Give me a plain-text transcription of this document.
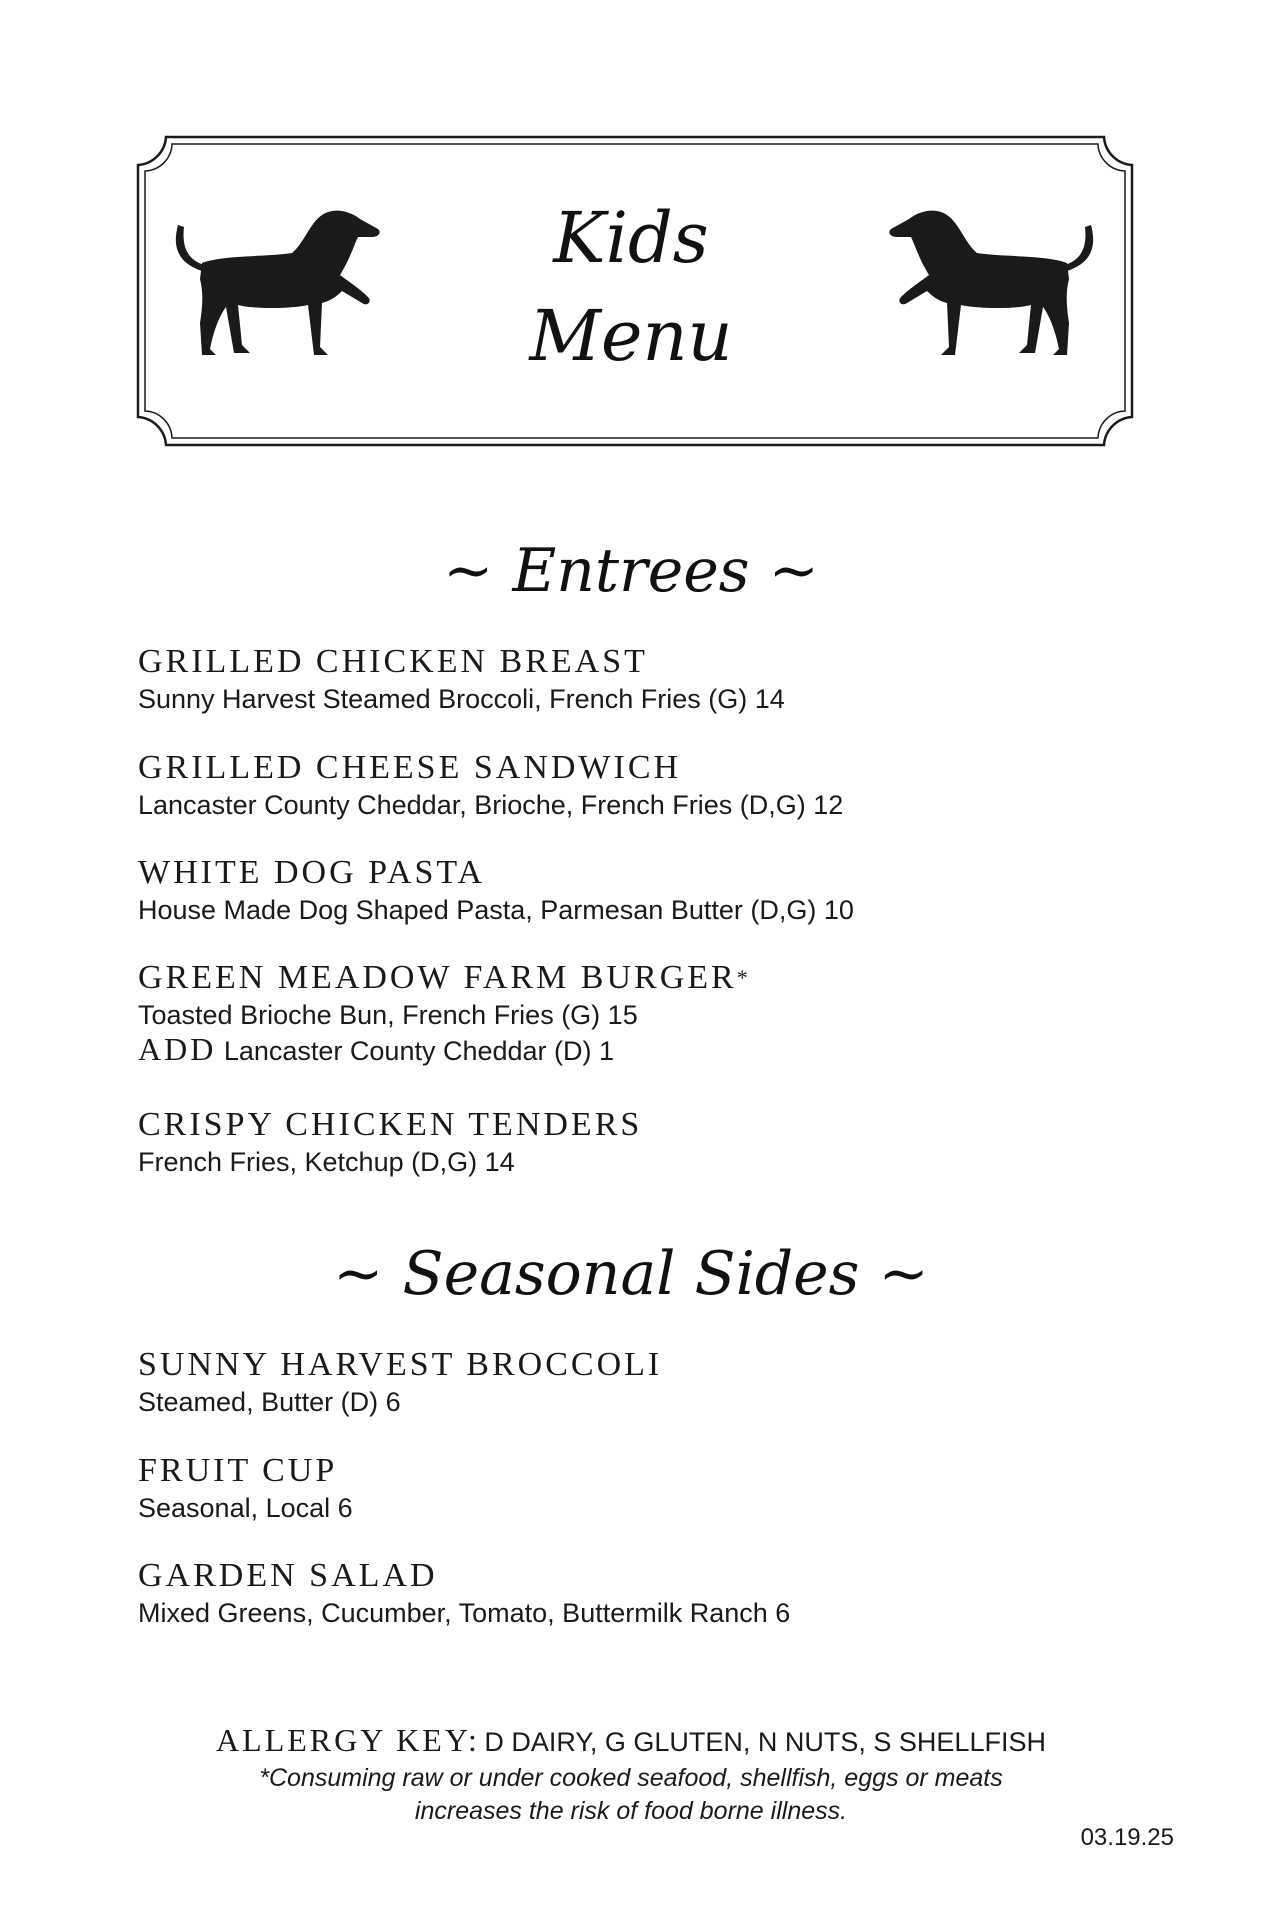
Kids
Menu
~ Entrees ~
GRILLED CHICKEN BREAST
Sunny Harvest Steamed Broccoli, French Fries (G) 14
GRILLED CHEESE SANDWICH
Lancaster County Cheddar, Brioche, French Fries (D,G) 12
WHITE DOG PASTA
House Made Dog Shaped Pasta, Parmesan Butter (D,G) 10
GREEN MEADOW FARM BURGER*
Toasted Brioche Bun, French Fries (G) 15
ADD Lancaster County Cheddar (D) 1
CRISPY CHICKEN TENDERS
French Fries, Ketchup (D,G) 14
~ Seasonal Sides ~
SUNNY HARVEST BROCCOLI
Steamed, Butter (D) 6
FRUIT CUP
Seasonal, Local 6
GARDEN SALAD
Mixed Greens, Cucumber, Tomato, Buttermilk Ranch 6
ALLERGY KEY: D DAIRY, G GLUTEN, N NUTS, S SHELLFISH
*Consuming raw or under cooked seafood, shellfish, eggs or meats
increases the risk of food borne illness.
03.19.25
